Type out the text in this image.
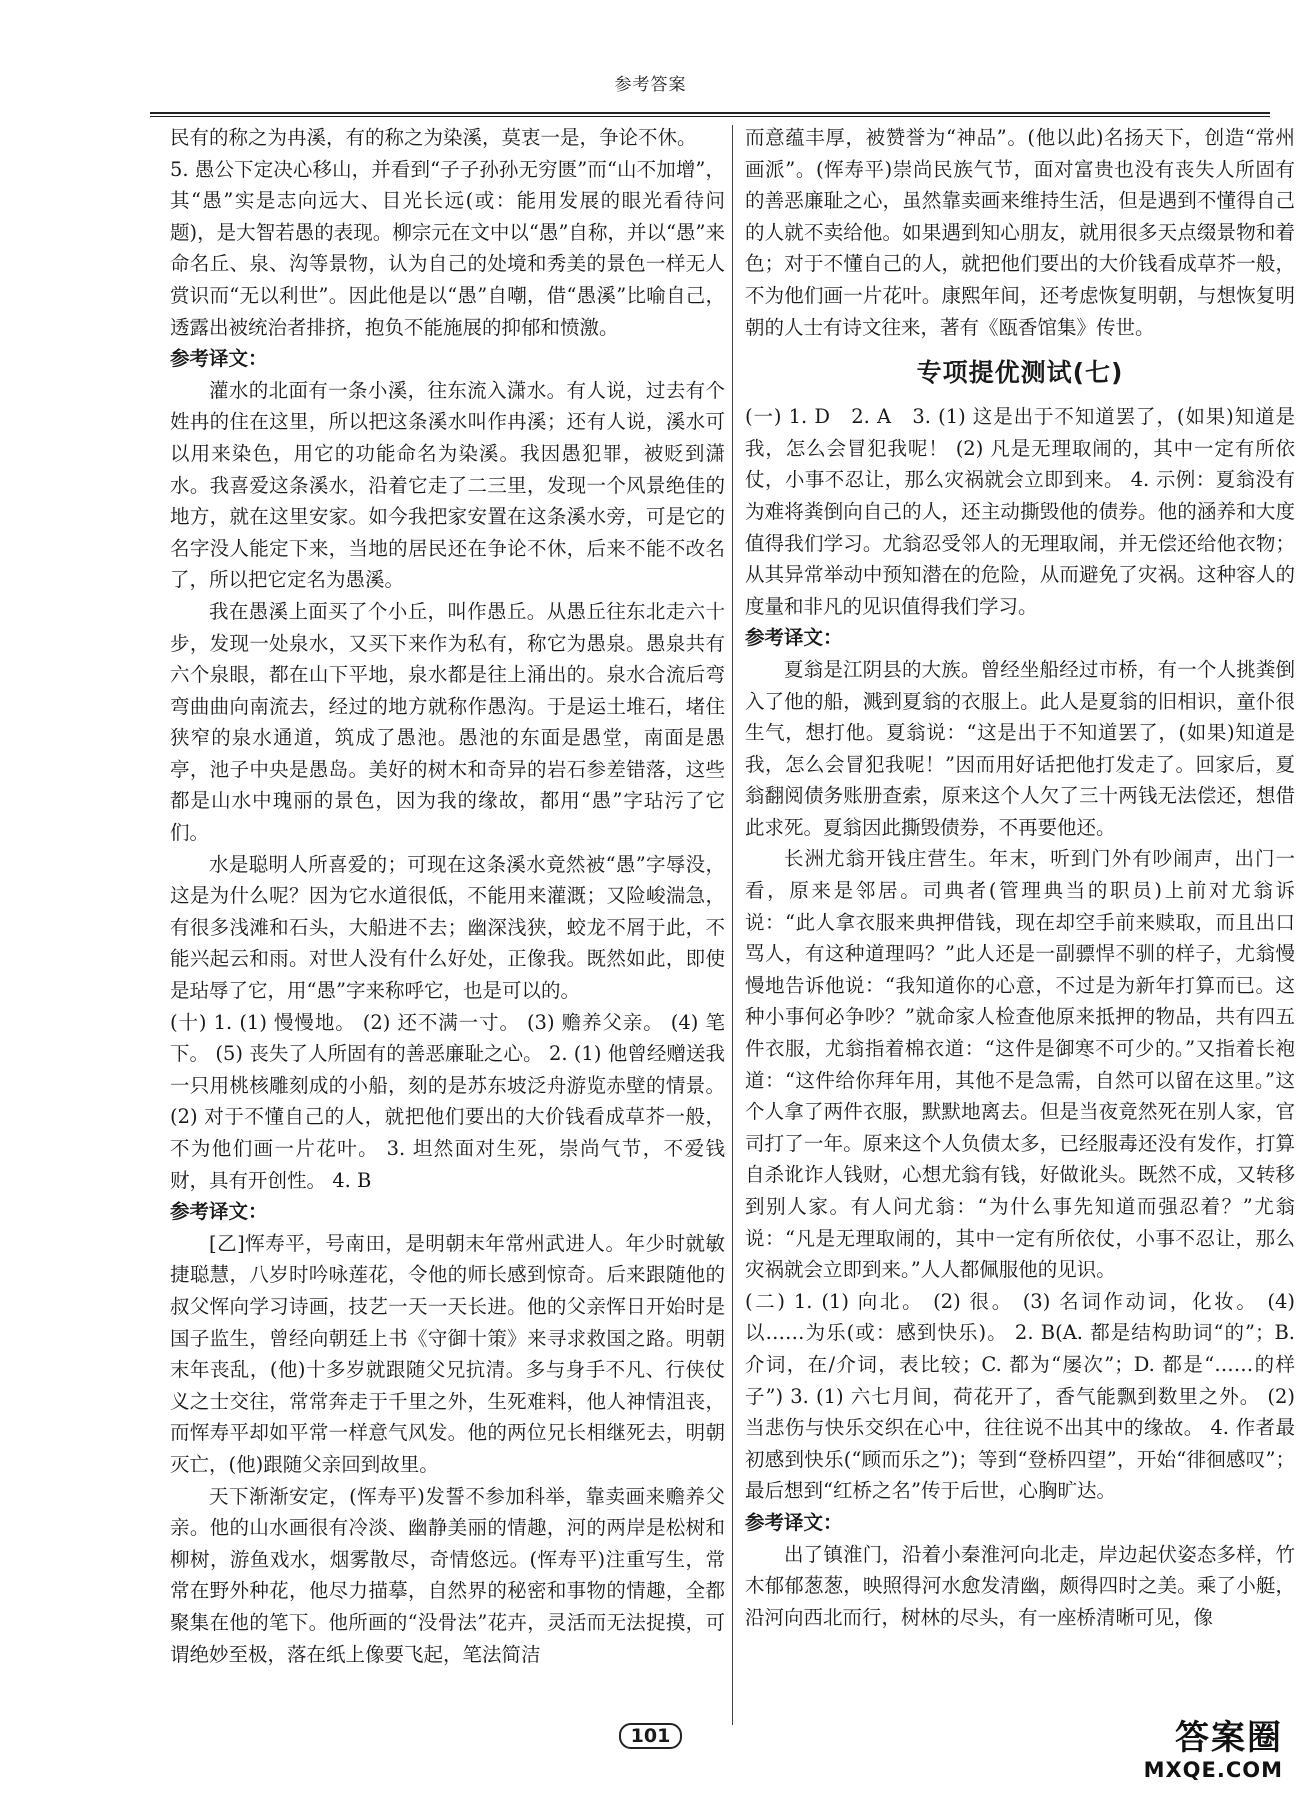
参考答案

民有的称之为冉溪，有的称之为染溪，莫衷一是，争论不休。

5. 愚公下定决心移山，并看到“子子孙孙无穷匮”而“山不加增”，其“愚”实是志向远大、目光长远(或：能用发展的眼光看待问题)，是大智若愚的表现。柳宗元在文中以“愚”自称，并以“愚”来命名丘、泉、沟等景物，认为自己的处境和秀美的景色一样无人赏识而“无以利世”。因此他是以“愚”自嘲，借“愚溪”比喻自己，透露出被统治者排挤，抱负不能施展的抑郁和愤激。

参考译文：

灌水的北面有一条小溪，往东流入潇水。有人说，过去有个姓冉的住在这里，所以把这条溪水叫作冉溪；还有人说，溪水可以用来染色，用它的功能命名为染溪。我因愚犯罪，被贬到潇水。我喜爱这条溪水，沿着它走了二三里，发现一个风景绝佳的地方，就在这里安家。如今我把家安置在这条溪水旁，可是它的名字没人能定下来，当地的居民还在争论不休，后来不能不改名了，所以把它定名为愚溪。

我在愚溪上面买了个小丘，叫作愚丘。从愚丘往东北走六十步，发现一处泉水，又买下来作为私有，称它为愚泉。愚泉共有六个泉眼，都在山下平地，泉水都是往上涌出的。泉水合流后弯弯曲曲向南流去，经过的地方就称作愚沟。于是运土堆石，堵住狭窄的泉水通道，筑成了愚池。愚池的东面是愚堂，南面是愚亭，池子中央是愚岛。美好的树木和奇异的岩石参差错落，这些都是山水中瑰丽的景色，因为我的缘故，都用“愚”字玷污了它们。

水是聪明人所喜爱的；可现在这条溪水竟然被“愚”字辱没，这是为什么呢？因为它水道很低，不能用来灌溉；又险峻湍急，有很多浅滩和石头，大船进不去；幽深浅狭，蛟龙不屑于此，不能兴起云和雨。对世人没有什么好处，正像我。既然如此，即使是玷辱了它，用“愚”字来称呼它，也是可以的。

(十) 1. (1) 慢慢地。 (2) 还不满一寸。 (3) 赡养父亲。 (4) 笔下。 (5) 丧失了人所固有的善恶廉耻之心。 2. (1) 他曾经赠送我一只用桃核雕刻成的小船，刻的是苏东坡泛舟游览赤壁的情景。 (2) 对于不懂自己的人，就把他们要出的大价钱看成草芥一般，不为他们画一片花叶。 3. 坦然面对生死，崇尚气节，不爱钱财，具有开创性。 4. B

参考译文：

[乙]恽寿平，号南田，是明朝末年常州武进人。年少时就敏捷聪慧，八岁时吟咏莲花，令他的师长感到惊奇。后来跟随他的叔父恽向学习诗画，技艺一天一天长进。他的父亲恽日开始时是国子监生，曾经向朝廷上书《守御十策》来寻求救国之路。明朝末年丧乱，(他)十多岁就跟随父兄抗清。多与身手不凡、行侠仗义之士交往，常常奔走于千里之外，生死难料，他人神情沮丧，而恽寿平却如平常一样意气风发。他的两位兄长相继死去，明朝灭亡，(他)跟随父亲回到故里。

天下渐渐安定，(恽寿平)发誓不参加科举，靠卖画来赡养父亲。他的山水画很有冷淡、幽静美丽的情趣，河的两岸是松树和柳树，游鱼戏水，烟雾散尽，奇情悠远。(恽寿平)注重写生，常常在野外种花，他尽力描摹，自然界的秘密和事物的情趣，全都聚集在他的笔下。他所画的“没骨法”花卉，灵活而无法捉摸，可谓绝妙至极，落在纸上像要飞起，笔法简洁

而意蕴丰厚，被赞誉为“神品”。(他以此)名扬天下，创造“常州画派”。(恽寿平)崇尚民族气节，面对富贵也没有丧失人所固有的善恶廉耻之心，虽然靠卖画来维持生活，但是遇到不懂得自己的人就不卖给他。如果遇到知心朋友，就用很多天点缀景物和着色；对于不懂自己的人，就把他们要出的大价钱看成草芥一般，不为他们画一片花叶。康熙年间，还考虑恢复明朝，与想恢复明朝的人士有诗文往来，著有《瓯香馆集》传世。

专项提优测试(七)

(一) 1. D　2. A　3. (1) 这是出于不知道罢了，(如果)知道是我，怎么会冒犯我呢！ (2) 凡是无理取闹的，其中一定有所依仗，小事不忍让，那么灾祸就会立即到来。 4. 示例：夏翁没有为难将粪倒向自己的人，还主动撕毁他的债券。他的涵养和大度值得我们学习。尤翁忍受邻人的无理取闹，并无偿还给他衣物；从其异常举动中预知潜在的危险，从而避免了灾祸。这种容人的度量和非凡的见识值得我们学习。

参考译文：

夏翁是江阴县的大族。曾经坐船经过市桥，有一个人挑粪倒入了他的船，溅到夏翁的衣服上。此人是夏翁的旧相识，童仆很生气，想打他。夏翁说：“这是出于不知道罢了，(如果)知道是我，怎么会冒犯我呢！”因而用好话把他打发走了。回家后，夏翁翻阅债务账册查索，原来这个人欠了三十两钱无法偿还，想借此求死。夏翁因此撕毁债券，不再要他还。

长洲尤翁开钱庄营生。年末，听到门外有吵闹声，出门一看，原来是邻居。司典者(管理典当的职员)上前对尤翁诉说：“此人拿衣服来典押借钱，现在却空手前来赎取，而且出口骂人，有这种道理吗？”此人还是一副骠悍不驯的样子，尤翁慢慢地告诉他说：“我知道你的心意，不过是为新年打算而已。这种小事何必争吵？”就命家人检查他原来抵押的物品，共有四五件衣服，尤翁指着棉衣道：“这件是御寒不可少的。”又指着长袍道：“这件给你拜年用，其他不是急需，自然可以留在这里。”这个人拿了两件衣服，默默地离去。但是当夜竟然死在别人家，官司打了一年。原来这个人负债太多，已经服毒还没有发作，打算自杀讹诈人钱财，心想尤翁有钱，好做讹头。既然不成，又转移到别人家。有人问尤翁：“为什么事先知道而强忍着？”尤翁说：“凡是无理取闹的，其中一定有所依仗，小事不忍让，那么灾祸就会立即到来。”人人都佩服他的见识。

(二) 1. (1) 向北。 (2) 很。 (3) 名词作动词，化妆。 (4) 以……为乐(或：感到快乐)。 2. B(A. 都是结构助词“的”；B. 介词，在/介词，表比较；C. 都为“屡次”；D. 都是“……的样子”) 3. (1) 六七月间，荷花开了，香气能飘到数里之外。 (2) 当悲伤与快乐交织在心中，往往说不出其中的缘故。 4. 作者最初感到快乐(“顾而乐之”)；等到“登桥四望”，开始“徘徊感叹”；最后想到“红桥之名”传于后世，心胸旷达。

参考译文：

出了镇淮门，沿着小秦淮河向北走，岸边起伏姿态多样，竹木郁郁葱葱，映照得河水愈发清幽，颇得四时之美。乘了小艇，沿河向西北而行，树林的尽头，有一座桥清晰可见，像

101	答案圈
MXQE.COM
